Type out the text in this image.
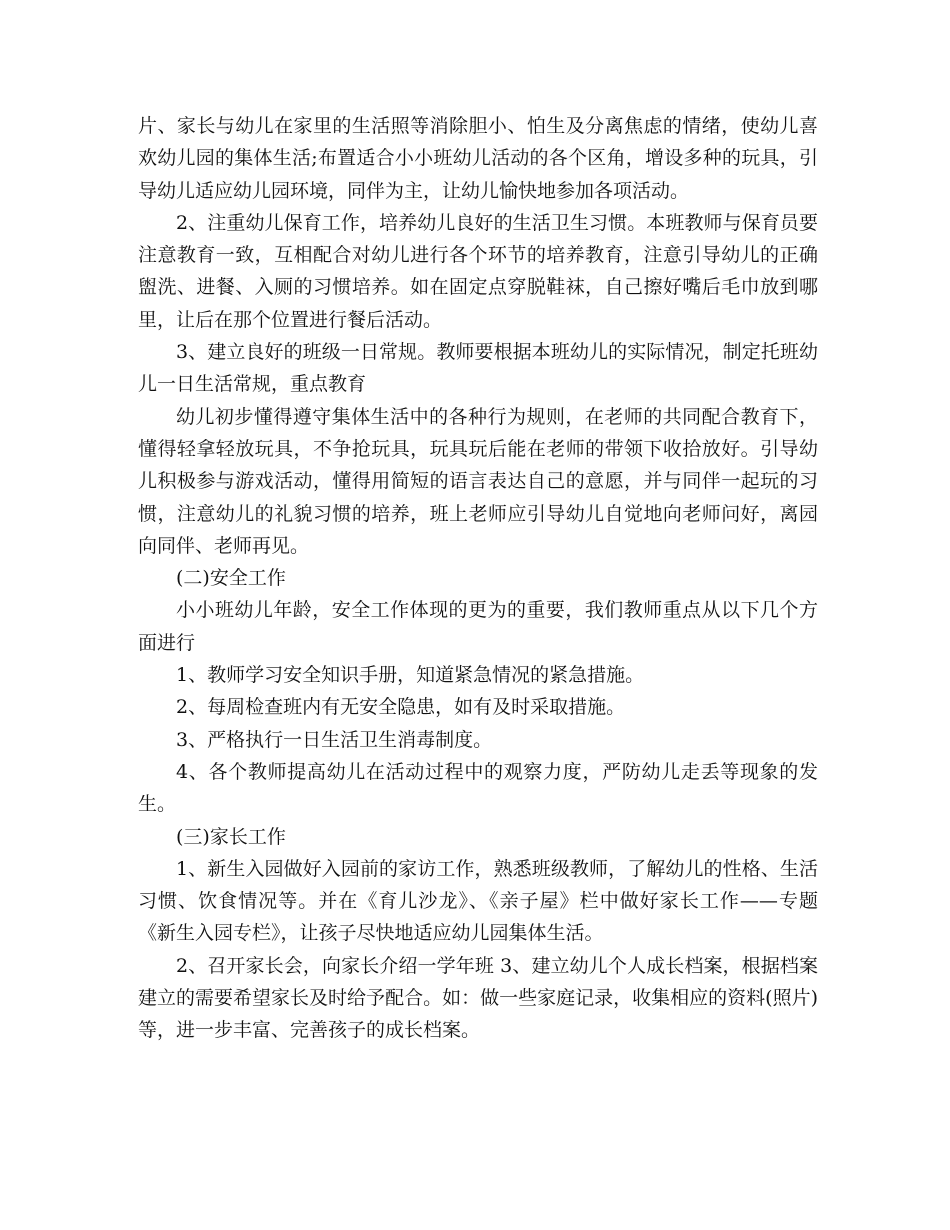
片、家长与幼儿在家里的生活照等消除胆小、怕生及分离焦虑的情绪，使幼儿喜欢幼儿园的集体生活;布置适合小小班幼儿活动的各个区角，增设多种的玩具，引导幼儿适应幼儿园环境，同伴为主，让幼儿愉快地参加各项活动。

2、注重幼儿保育工作，培养幼儿良好的生活卫生习惯。本班教师与保育员要注意教育一致，互相配合对幼儿进行各个环节的培养教育，注意引导幼儿的正确盥洗、进餐、入厕的习惯培养。如在固定点穿脱鞋袜，自己擦好嘴后毛巾放到哪里，让后在那个位置进行餐后活动。

3、建立良好的班级一日常规。教师要根据本班幼儿的实际情况，制定托班幼儿一日生活常规，重点教育

幼儿初步懂得遵守集体生活中的各种行为规则，在老师的共同配合教育下，懂得轻拿轻放玩具，不争抢玩具，玩具玩后能在老师的带领下收拾放好。引导幼儿积极参与游戏活动，懂得用简短的语言表达自己的意愿，并与同伴一起玩的习惯，注意幼儿的礼貌习惯的培养，班上老师应引导幼儿自觉地向老师问好，离园向同伴、老师再见。

(二)安全工作

小小班幼儿年龄，安全工作体现的更为的重要，我们教师重点从以下几个方面进行

1、教师学习安全知识手册，知道紧急情况的紧急措施。

2、每周检查班内有无安全隐患，如有及时采取措施。

3、严格执行一日生活卫生消毒制度。

4、各个教师提高幼儿在活动过程中的观察力度，严防幼儿走丢等现象的发生。

(三)家长工作

1、新生入园做好入园前的家访工作，熟悉班级教师，了解幼儿的性格、生活习惯、饮食情况等。并在《育儿沙龙》、《亲子屋》栏中做好家长工作——专题《新生入园专栏》，让孩子尽快地适应幼儿园集体生活。

2、召开家长会，向家长介绍一学年班 3、建立幼儿个人成长档案，根据档案建立的需要希望家长及时给予配合。如：做一些家庭记录，收集相应的资料(照片)等，进一步丰富、完善孩子的成长档案。
